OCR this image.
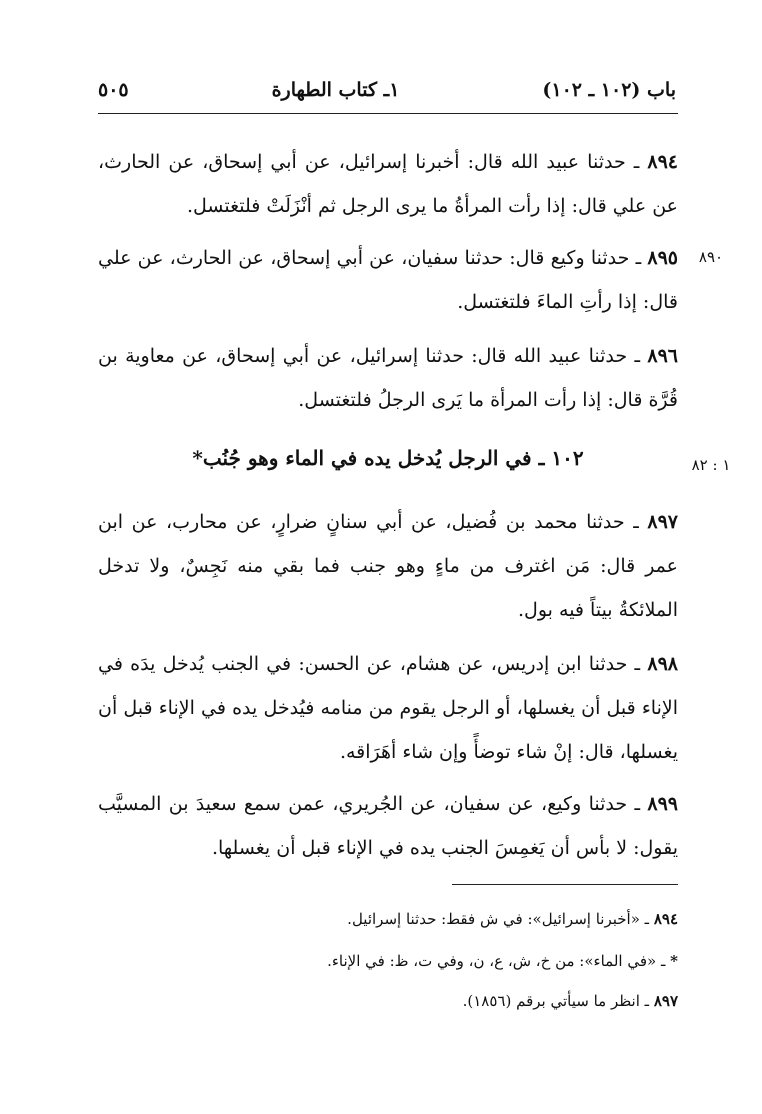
باب (١٠٢ ـ ١٠٢)
١ـ كتاب الطهارة
٥٠٥

٨٩٤ ـ حدثنا عبيد الله قال: أخبرنا إسرائيل، عن أبي إسحاق، عن الحارث، عن علي قال: إذا رأت المرأةُ ما يرى الرجل ثم أنْزَلَتْ فلتغتسل.

٨٩٥ ـ حدثنا وكيع قال: حدثنا سفيان، عن أبي إسحاق، عن الحارث، عن علي قال: إذا رأتِ الماءَ فلتغتسل.

٨٩٠

٨٩٦ ـ حدثنا عبيد الله قال: حدثنا إسرائيل، عن أبي إسحاق، عن معاوية بن قُرَّة قال: إذا رأت المرأة ما يَرى الرجلُ فلتغتسل.

١٠٢ ـ في الرجل يُدخل يده في الماء وهو جُنُب*	١ : ٨٢

٨٩٧ ـ حدثنا محمد بن فُضيل، عن أبي سنانٍ ضرارٍ، عن محارب، عن ابن عمر قال: مَن اغترف من ماءٍ وهو جنب فما بقي منه نَجِسٌ، ولا تدخل الملائكةُ بيتاً فيه بول.

٨٩٨ ـ حدثنا ابن إدريس، عن هشام، عن الحسن: في الجنب يُدخل يدَه في الإناء قبل أن يغسلها، أو الرجل يقوم من منامه فيُدخل يده في الإناء قبل أن يغسلها، قال: إنْ شاء توضأً وإن شاء أهَرَاقه.

٨٩٩ ـ حدثنا وكيع، عن سفيان، عن الجُريري، عمن سمع سعيدَ بن المسيَّب يقول: لا بأس أن يَغمِسَ الجنب يده في الإناء قبل أن يغسلها.

٨٩٤ ـ «أخبرنا إسرائيل»: في ش فقط: حدثنا إسرائيل.
* ـ «في الماء»: من خ، ش، ع، ن، وفي ت، ظ: في الإناء.
٨٩٧ ـ انظر ما سيأتي برقم (١٨٥٦).
